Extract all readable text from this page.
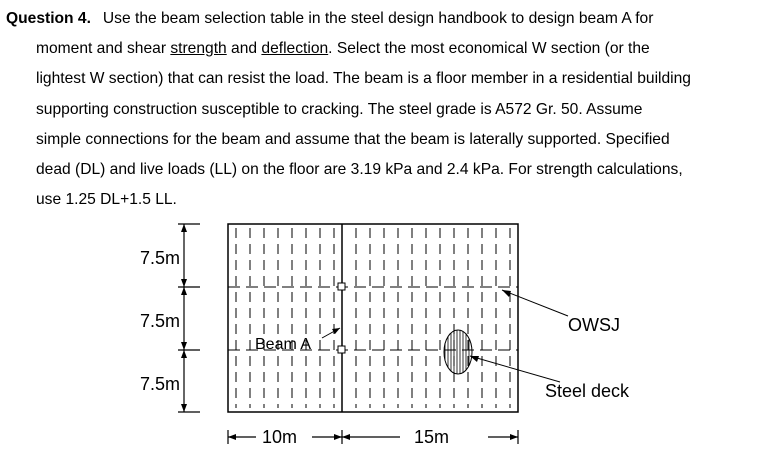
Question 4. Use the beam selection table in the steel design handbook to design beam A for
moment and shear strength and deflection. Select the most economical W section (or the
lightest W section) that can resist the load. The beam is a floor member in a residential building
supporting construction susceptible to cracking. The steel grade is A572 Gr. 50. Assume
simple connections for the beam and assume that the beam is laterally supported. Specified
dead (DL) and live loads (LL) on the floor are 3.19 kPa and 2.4 kPa. For strength calculations,
use 1.25 DL+1.5 LL.
7.5m
7.5m
7.5m
10m	15m
Beam A
OWSJ
Steel deck
